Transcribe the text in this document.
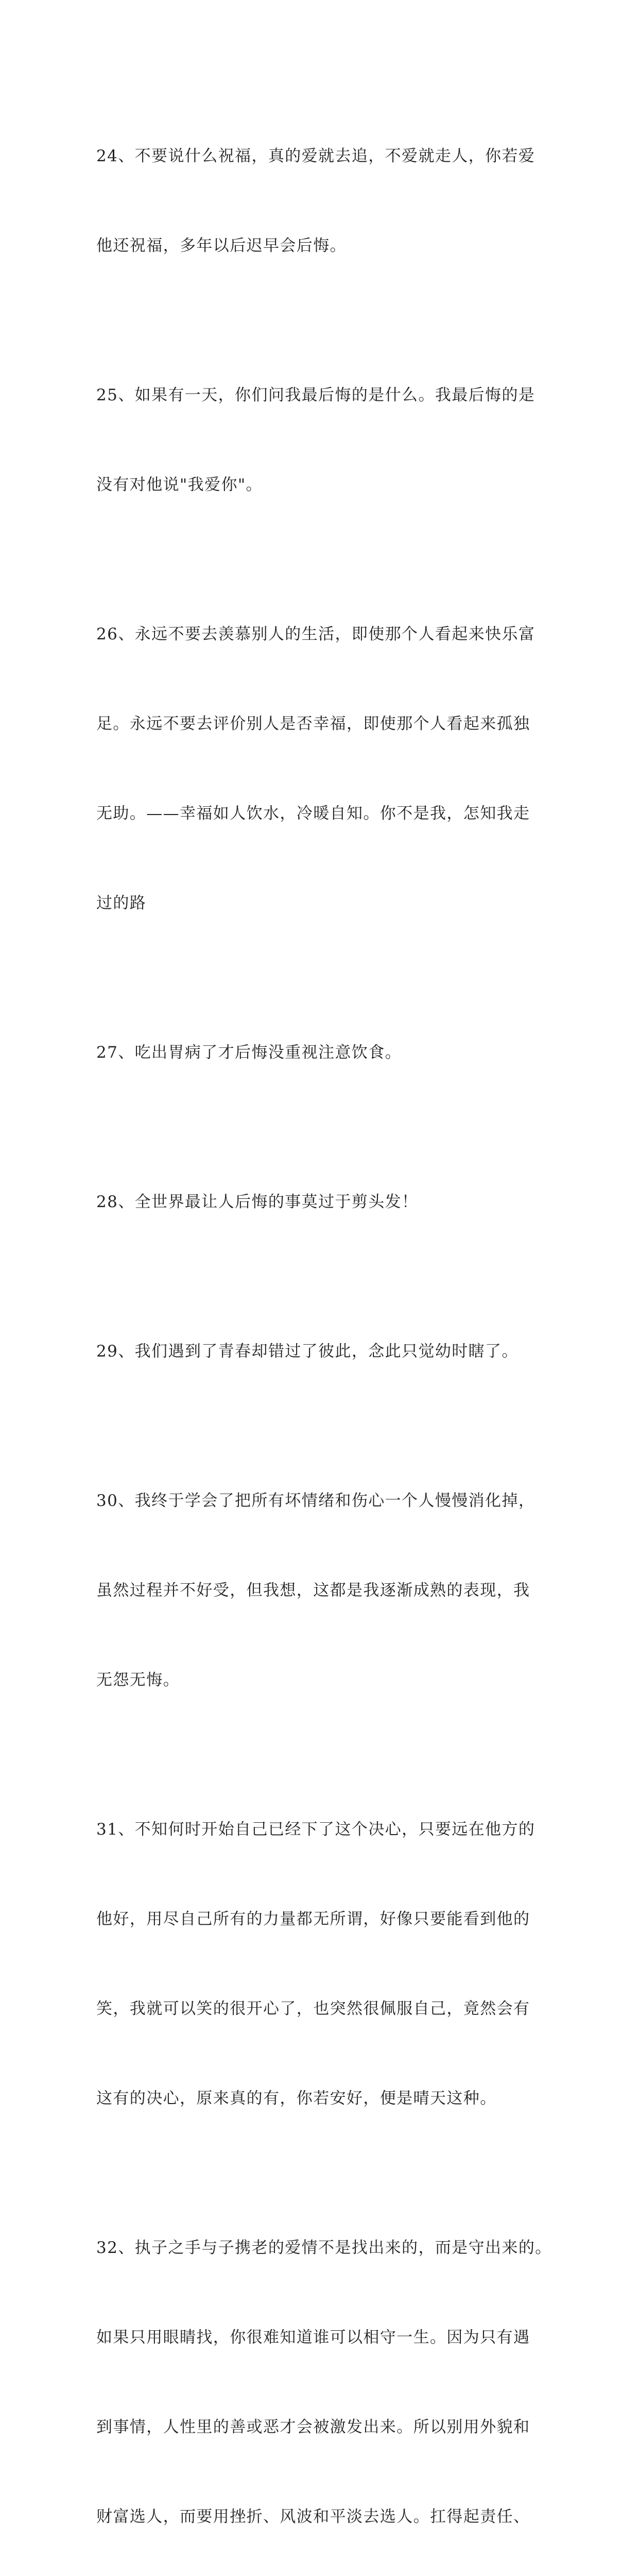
24、不要说什么祝福，真的爱就去追，不爱就走人，你若爱

他还祝福，多年以后迟早会后悔。

25、如果有一天，你们问我最后悔的是什么。我最后悔的是

没有对他说"我爱你"。

26、永远不要去羡慕别人的生活，即使那个人看起来快乐富

足。永远不要去评价别人是否幸福，即使那个人看起来孤独

无助。——幸福如人饮水，冷暖自知。你不是我，怎知我走

过的路

27、吃出胃病了才后悔没重视注意饮食。

28、全世界最让人后悔的事莫过于剪头发！

29、我们遇到了青春却错过了彼此，念此只觉幼时瞎了。

30、我终于学会了把所有坏情绪和伤心一个人慢慢消化掉，

虽然过程并不好受，但我想，这都是我逐渐成熟的表现，我

无怨无悔。

31、不知何时开始自己已经下了这个决心，只要远在他方的

他好，用尽自己所有的力量都无所谓，好像只要能看到他的

笑，我就可以笑的很开心了，也突然很佩服自己，竟然会有

这有的决心，原来真的有，你若安好，便是晴天这种。

32、执子之手与子携老的爱情不是找出来的，而是守出来的。

如果只用眼睛找，你很难知道谁可以相守一生。因为只有遇

到事情，人性里的善或恶才会被激发出来。所以别用外貌和

财富选人，而要用挫折、风波和平淡去选人。扛得起责任、
